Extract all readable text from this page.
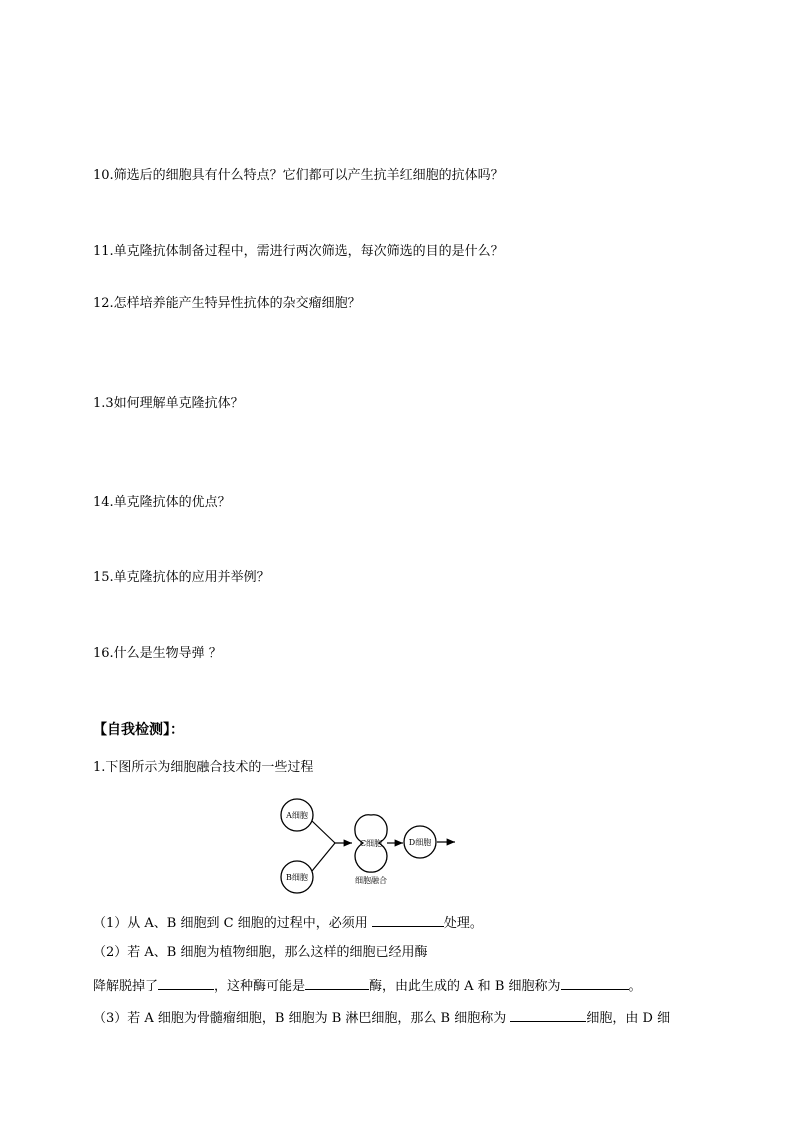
10.筛选后的细胞具有什么特点？它们都可以产生抗羊红细胞的抗体吗？
11.单克隆抗体制备过程中，需进行两次筛选，每次筛选的目的是什么？
12.怎样培养能产生特异性抗体的杂交瘤细胞？
1.3如何理解单克隆抗体？
14.单克隆抗体的优点？
15.单克隆抗体的应用并举例？
16.什么是生物导弹 ？
【自我检测】：
1.下图所示为细胞融合技术的一些过程
A细胞
B细胞
C细胞	D细胞
细胞融合
（1）从 A、B 细胞到 C 细胞的过程中，必须用	处理。
（2）若 A、B 细胞为植物细胞，那么这样的细胞已经用酶
降解脱掉了	，这种酶可能是	酶，由此生成的 A 和 B 细胞称为	。
（3）若 A 细胞为骨髓瘤细胞，B 细胞为 B 淋巴细胞，那么 B 细胞称为	细胞，由 D 细
